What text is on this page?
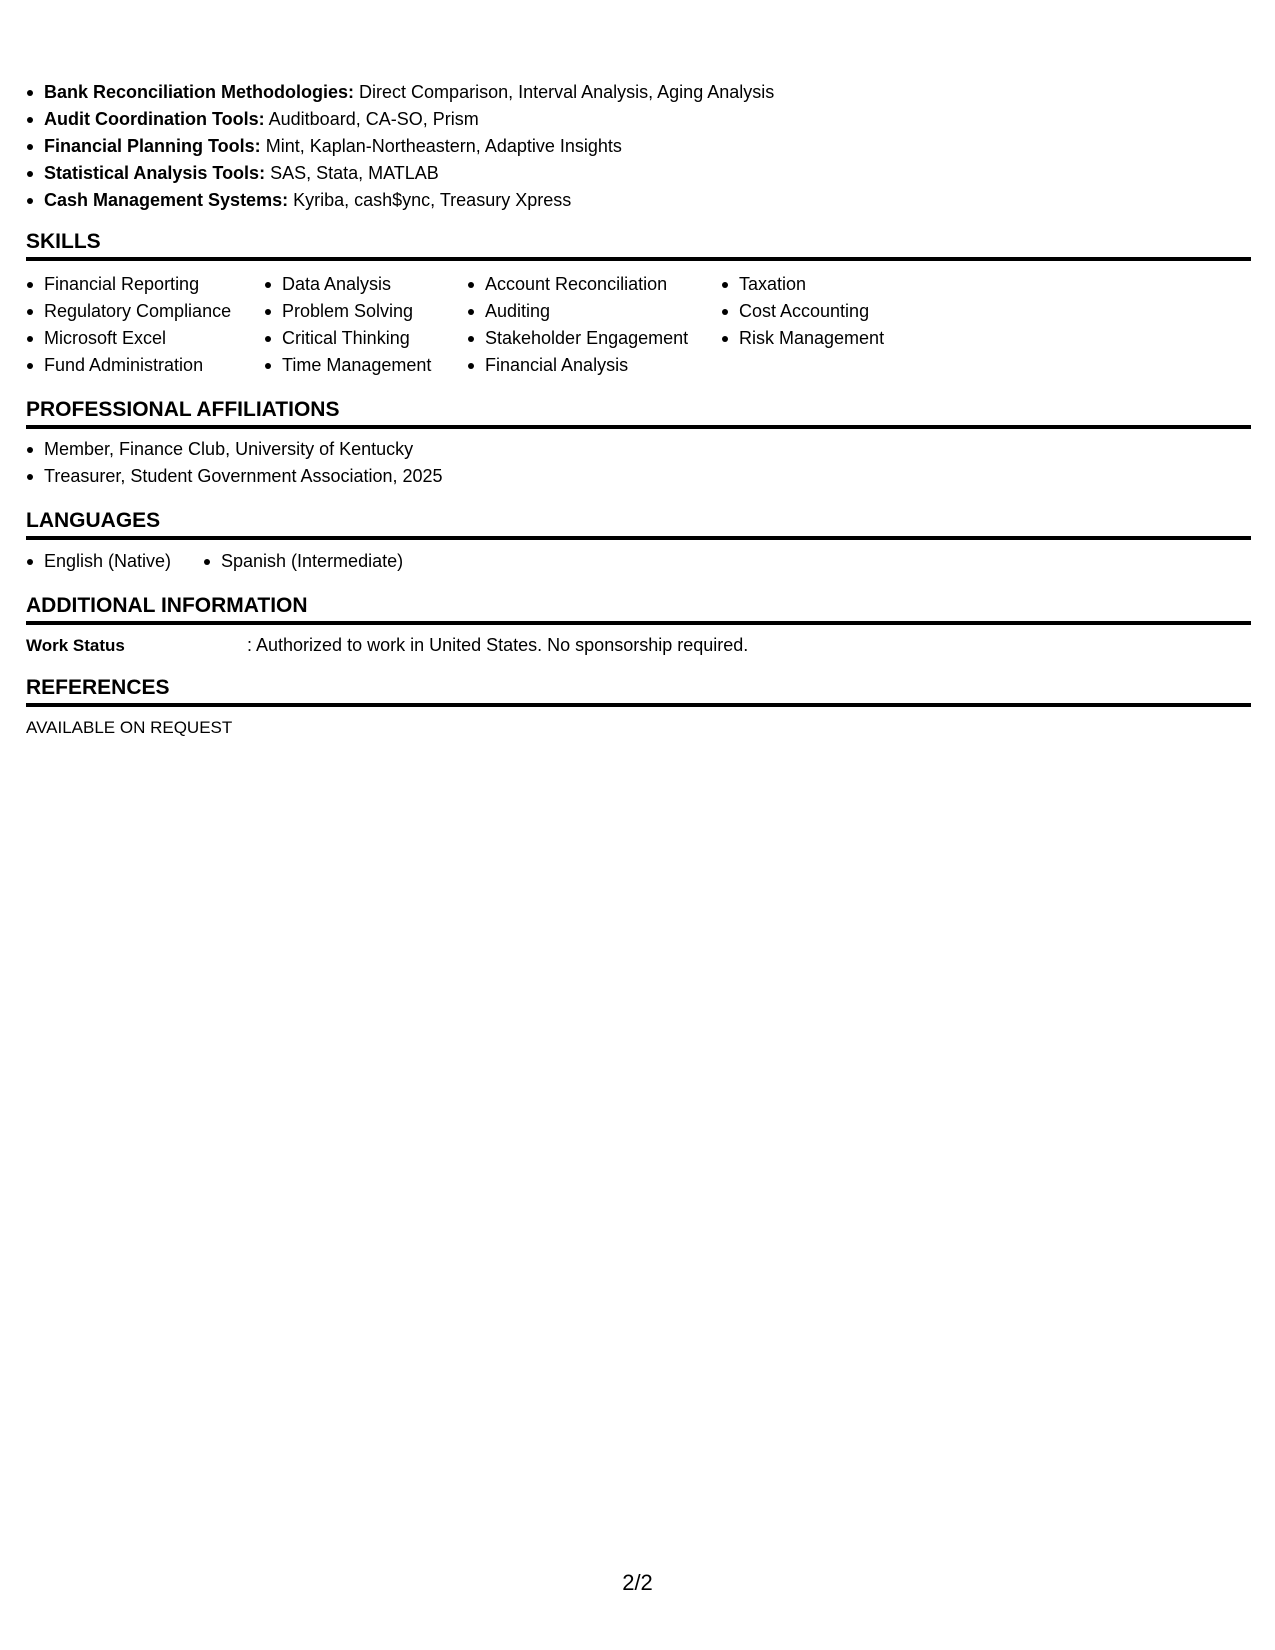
Bank Reconciliation Methodologies: Direct Comparison, Interval Analysis, Aging Analysis
Audit Coordination Tools: Auditboard, CA-SO, Prism
Financial Planning Tools: Mint, Kaplan-Northeastern, Adaptive Insights
Statistical Analysis Tools: SAS, Stata, MATLAB
Cash Management Systems: Kyriba, cash$ync, Treasury Xpress
SKILLS
Financial Reporting
Regulatory Compliance
Microsoft Excel
Fund Administration
Data Analysis
Problem Solving
Critical Thinking
Time Management
Account Reconciliation
Auditing
Stakeholder Engagement
Financial Analysis
Taxation
Cost Accounting
Risk Management
PROFESSIONAL AFFILIATIONS
Member, Finance Club, University of Kentucky
Treasurer, Student Government Association, 2025
LANGUAGES
English (Native)	Spanish (Intermediate)
ADDITIONAL INFORMATION
Work Status	: Authorized to work in United States. No sponsorship required.
REFERENCES
AVAILABLE ON REQUEST
2/2
